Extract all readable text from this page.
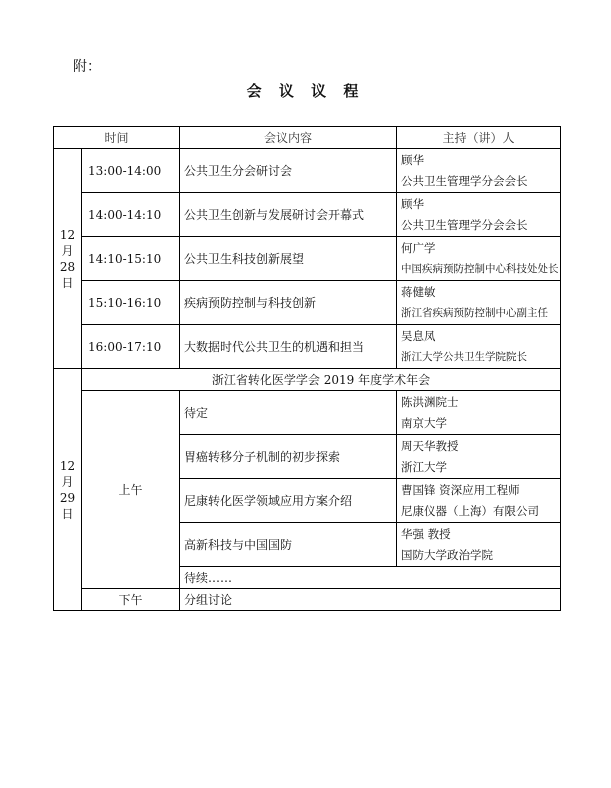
附：
会 议 议 程
时间		会议内容	主持（讲）人

12
月
28
日	13:00-14:00	公共卫生分会研讨会	顾华
公共卫生管理学分会会长

	14:00-14:10	公共卫生创新与发展研讨会开幕式	顾华
公共卫生管理学分会会长

	14:10-15:10	公共卫生科技创新展望	何广学
中国疾病预防控制中心科技处处长

	15:10-16:10	疾病预防控制与科技创新	蒋健敏
浙江省疾病预防控制中心副主任

	16:00-17:10	大数据时代公共卫生的机遇和担当	吴息凤
浙江大学公共卫生学院院长

12
月
29
日	浙江省转化医学学会 2019 年度学术年会		
	上午	待定	陈洪渊院士
南京大学

		胃癌转移分子机制的初步探索	周天华教授
浙江大学

		尼康转化医学领域应用方案介绍	曹国锋 资深应用工程师
尼康仪器（上海）有限公司

		高新科技与中国国防	华强 教授
国防大学政治学院

		待续……	
	下午	分组讨论	
